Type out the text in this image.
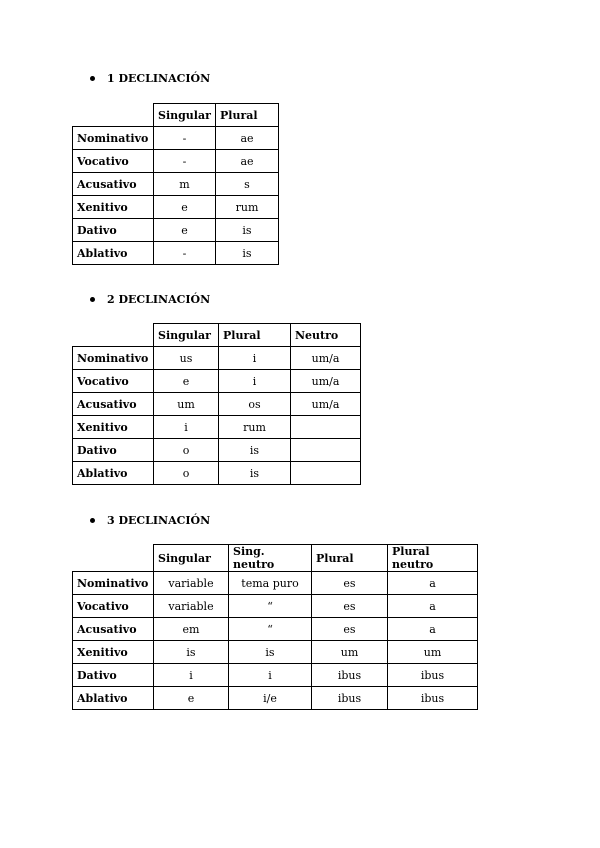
1 DECLINACIÓN
	Singular	Plural
Nominativo	-	ae
Vocativo	-	ae
Acusativo	m	s
Xenitivo	e	rum
Dativo	e	is
Ablativo	-	is
2 DECLINACIÓN
	Singular	Plural	Neutro
Nominativo	us	i	um/a
Vocativo	e	i	um/a
Acusativo	um	os	um/a
Xenitivo	i	rum	
Dativo	o	is	
Ablativo	o	is	
3 DECLINACIÓN
	Singular	Sing. neutro	Plural	Plural neutro
Nominativo	variable	tema puro	es	a
Vocativo	variable	“	es	a
Acusativo	em	“	es	a
Xenitivo	is	is	um	um
Dativo	i	i	ibus	ibus
Ablativo	e	i/e	ibus	ibus
